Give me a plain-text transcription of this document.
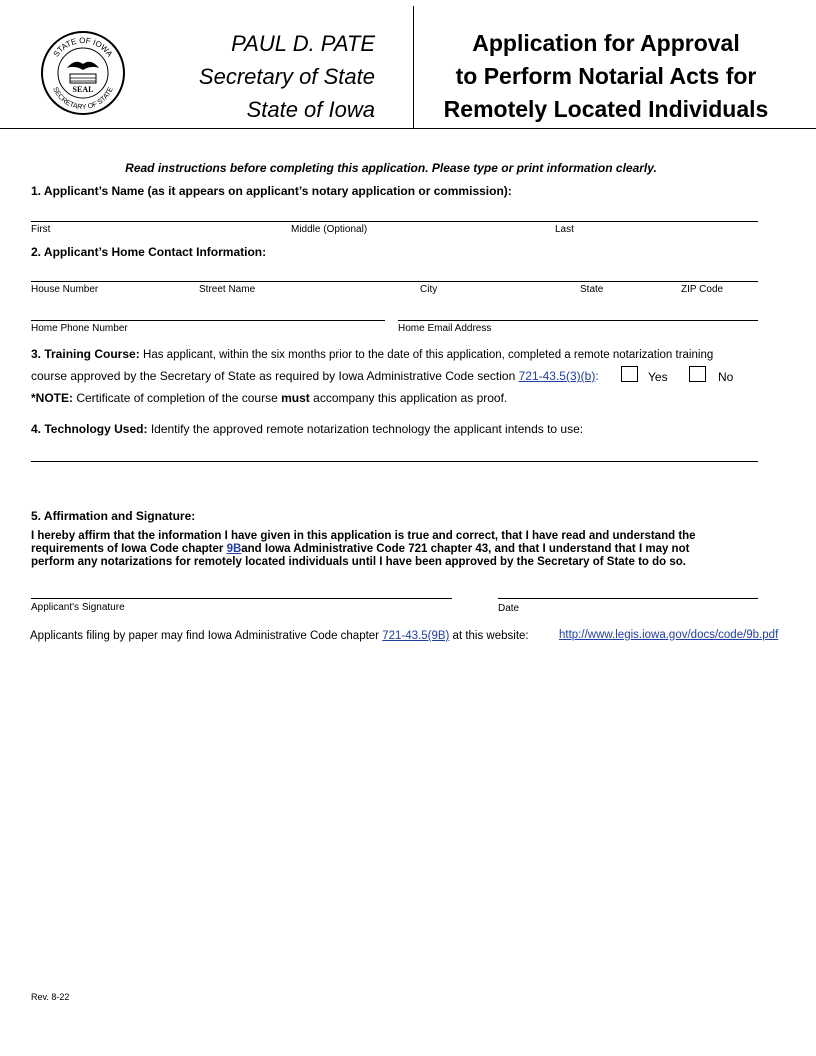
STATE OF IOWA
SECRETARY OF STATE
SEAL
PAUL D. PATE
Secretary of State
State of Iowa
Application for Approval
to Perform Notarial Acts for
Remotely Located Individuals
Read instructions before completing this application. Please type or print information clearly.
1. Applicant’s Name (as it appears on applicant’s notary application or commission):
First	Middle (Optional)	Last
2. Applicant’s Home Contact Information:
House Number	Street Name	City	State	ZIP Code
Home Phone Number	Home Email Address
3. Training Course: Has applicant, within the six months prior to the date of this application, completed a remote notarization training
course approved by the Secretary of State as required by Iowa Administrative Code section 721-43.5(3)(b):	Yes	No
*NOTE: Certificate of completion of the course must accompany this application as proof.
4. Technology Used: Identify the approved remote notarization technology the applicant intends to use:
5. Affirmation and Signature:
I hereby affirm that the information I have given in this application is true and correct, that I have read and understand the
requirements of Iowa Code chapter 9Band Iowa Administrative Code 721 chapter 43, and that I understand that I may not
perform any notarizations for remotely located individuals until I have been approved by the Secretary of State to do so.
Applicant's Signature	Date
Applicants filing by paper may find Iowa Administrative Code chapter 721-43.5(9B) at this website:	http://www.legis.iowa.gov/docs/code/9b.pdf
Rev. 8-22
